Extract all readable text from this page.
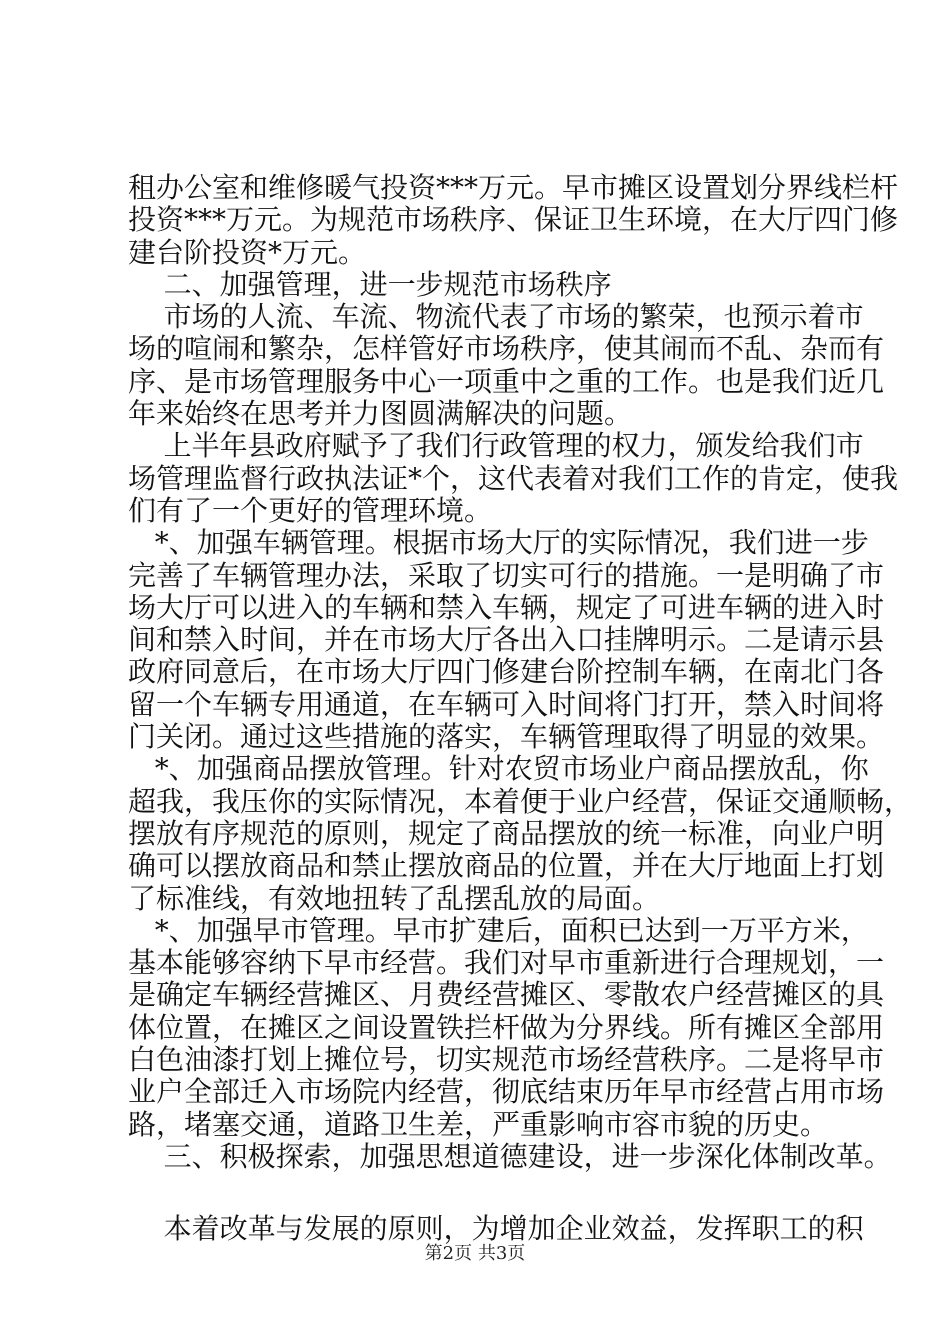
租办公室和维修暖气投资***万元。早市摊区设置划分界线栏杆
投资***万元。为规范市场秩序、保证卫生环境，在大厅四门修
建台阶投资*万元。
二、加强管理，进一步规范市场秩序
市场的人流、车流、物流代表了市场的繁荣，也预示着市
场的喧闹和繁杂，怎样管好市场秩序，使其闹而不乱、杂而有
序、是市场管理服务中心一项重中之重的工作。也是我们近几
年来始终在思考并力图圆满解决的问题。
上半年县政府赋予了我们行政管理的权力，颁发给我们市
场管理监督行政执法证*个，这代表着对我们工作的肯定，使我
们有了一个更好的管理环境。
*、加强车辆管理。根据市场大厅的实际情况，我们进一步
完善了车辆管理办法，采取了切实可行的措施。一是明确了市
场大厅可以进入的车辆和禁入车辆，规定了可进车辆的进入时
间和禁入时间，并在市场大厅各出入口挂牌明示。二是请示县
政府同意后，在市场大厅四门修建台阶控制车辆，在南北门各
留一个车辆专用通道，在车辆可入时间将门打开，禁入时间将
门关闭。通过这些措施的落实，车辆管理取得了明显的效果。
*、加强商品摆放管理。针对农贸市场业户商品摆放乱，你
超我，我压你的实际情况，本着便于业户经营，保证交通顺畅，
摆放有序规范的原则，规定了商品摆放的统一标准，向业户明
确可以摆放商品和禁止摆放商品的位置，并在大厅地面上打划
了标准线，有效地扭转了乱摆乱放的局面。
*、加强早市管理。早市扩建后，面积已达到一万平方米，
基本能够容纳下早市经营。我们对早市重新进行合理规划，一
是确定车辆经营摊区、月费经营摊区、零散农户经营摊区的具
体位置，在摊区之间设置铁拦杆做为分界线。所有摊区全部用
白色油漆打划上摊位号，切实规范市场经营秩序。二是将早市
业户全部迁入市场院内经营，彻底结束历年早市经营占用市场
路，堵塞交通，道路卫生差，严重影响市容市貌的历史。
三、积极探索，加强思想道德建设，进一步深化体制改革。
本着改革与发展的原则，为增加企业效益，发挥职工的积
第2页 共3页
